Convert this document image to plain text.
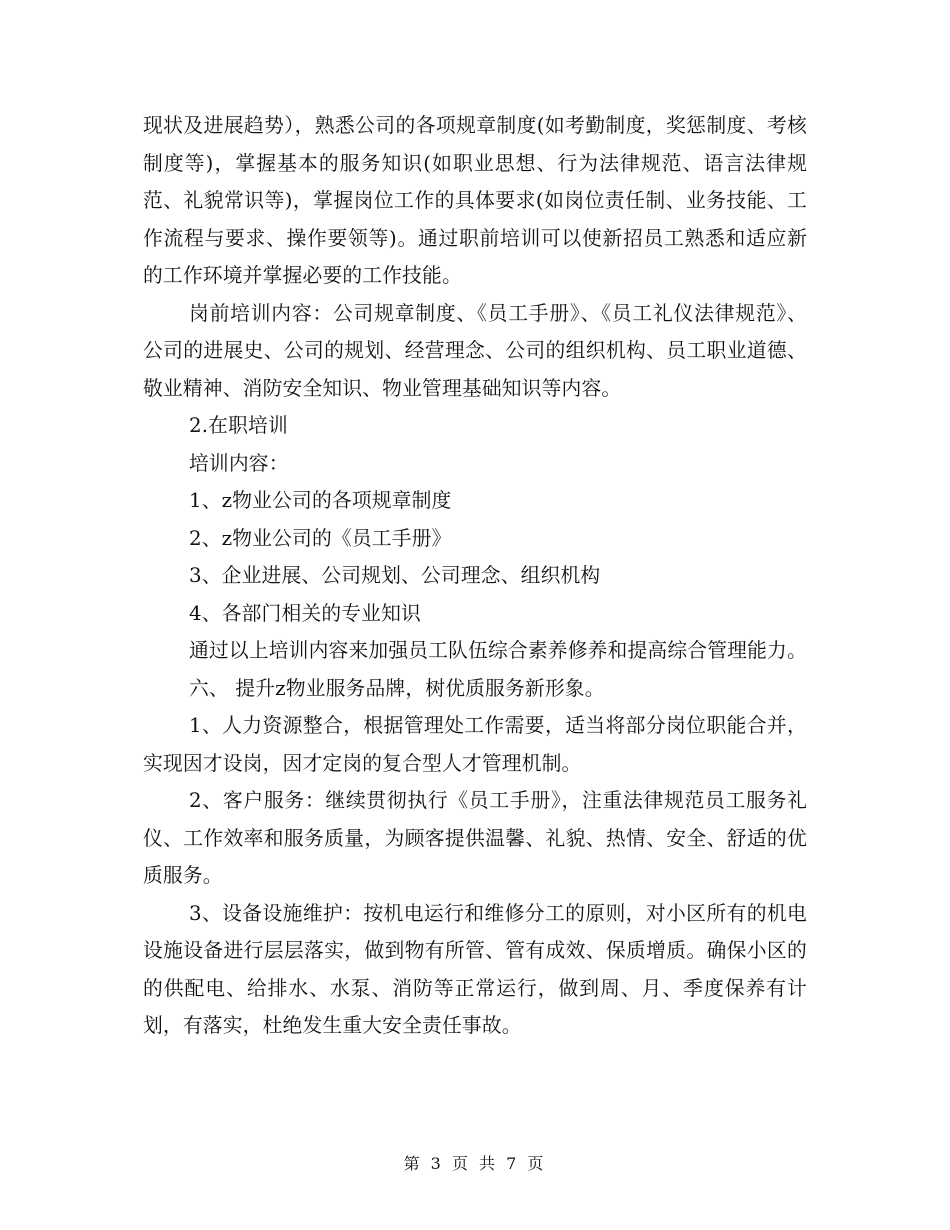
现状及进展趋势），熟悉公司的各项规章制度(如考勤制度，奖惩制度、考核制度等)，掌握基本的服务知识(如职业思想、行为法律规范、语言法律规范、礼貌常识等)，掌握岗位工作的具体要求(如岗位责任制、业务技能、工作流程与要求、操作要领等)。通过职前培训可以使新招员工熟悉和适应新的工作环境并掌握必要的工作技能。

岗前培训内容：公司规章制度、《员工手册》、《员工礼仪法律规范》、公司的进展史、公司的规划、经营理念、公司的组织机构、员工职业道德、敬业精神、消防安全知识、物业管理基础知识等内容。

2.在职培训

培训内容：

1、z物业公司的各项规章制度

2、z物业公司的《员工手册》

3、企业进展、公司规划、公司理念、组织机构

4、各部门相关的专业知识

通过以上培训内容来加强员工队伍综合素养修养和提高综合管理能力。

六、 提升z物业服务品牌，树优质服务新形象。

1、人力资源整合，根据管理处工作需要，适当将部分岗位职能合并，实现因才设岗，因才定岗的复合型人才管理机制。

2、客户服务：继续贯彻执行《员工手册》，注重法律规范员工服务礼仪、工作效率和服务质量，为顾客提供温馨、礼貌、热情、安全、舒适的优质服务。

3、设备设施维护：按机电运行和维修分工的原则，对小区所有的机电设施设备进行层层落实，做到物有所管、管有成效、保质增质。确保小区的的供配电、给排水、水泵、消防等正常运行，做到周、月、季度保养有计划，有落实，杜绝发生重大安全责任事故。

第 3 页 共 7 页
